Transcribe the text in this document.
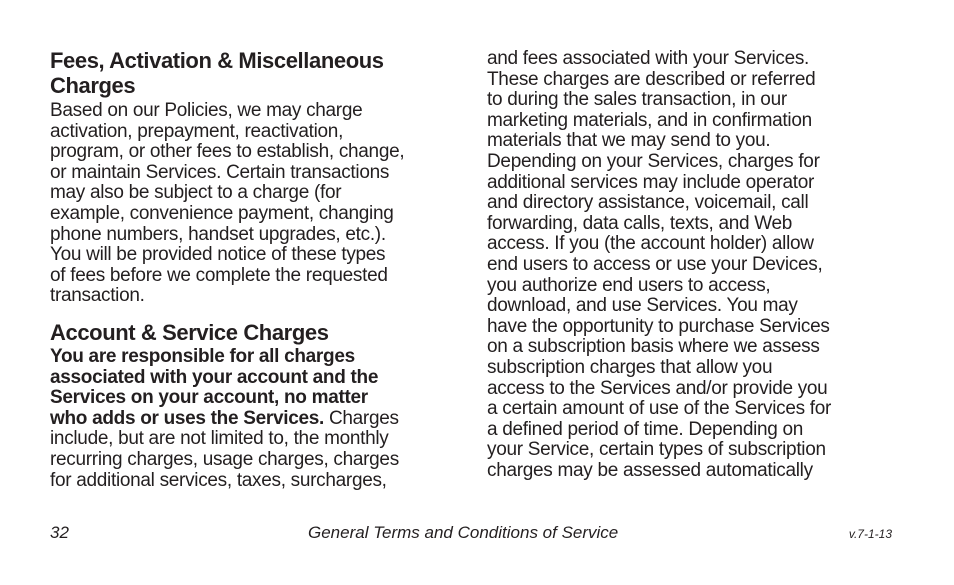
Fees, Activation & Miscellaneous
Charges

Based on our Policies, we may charge
activation, prepayment, reactivation,
program, or other fees to establish, change,
or maintain Services. Certain transactions
may also be subject to a charge (for
example, convenience payment, changing
phone numbers, handset upgrades, etc.).
You will be provided notice of these types
of fees before we complete the requested
transaction.

Account & Service Charges

You are responsible for all charges
associated with your account and the
Services on your account, no matter
who adds or uses the Services. Charges
include, but are not limited to, the monthly
recurring charges, usage charges, charges
for additional services, taxes, surcharges,

and fees associated with your Services.
These charges are described or referred
to during the sales transaction, in our
marketing materials, and in confirmation
materials that we may send to you.
Depending on your Services, charges for
additional services may include operator
and directory assistance, voicemail, call
forwarding, data calls, texts, and Web
access. If you (the account holder) allow
end users to access or use your Devices,
you authorize end users to access,
download, and use Services. You may
have the opportunity to purchase Services
on a subscription basis where we assess
subscription charges that allow you
access to the Services and/or provide you
a certain amount of use of the Services for
a defined period of time. Depending on
your Service, certain types of subscription
charges may be assessed automatically

32	General Terms and Conditions of Service	v.7-1-13
